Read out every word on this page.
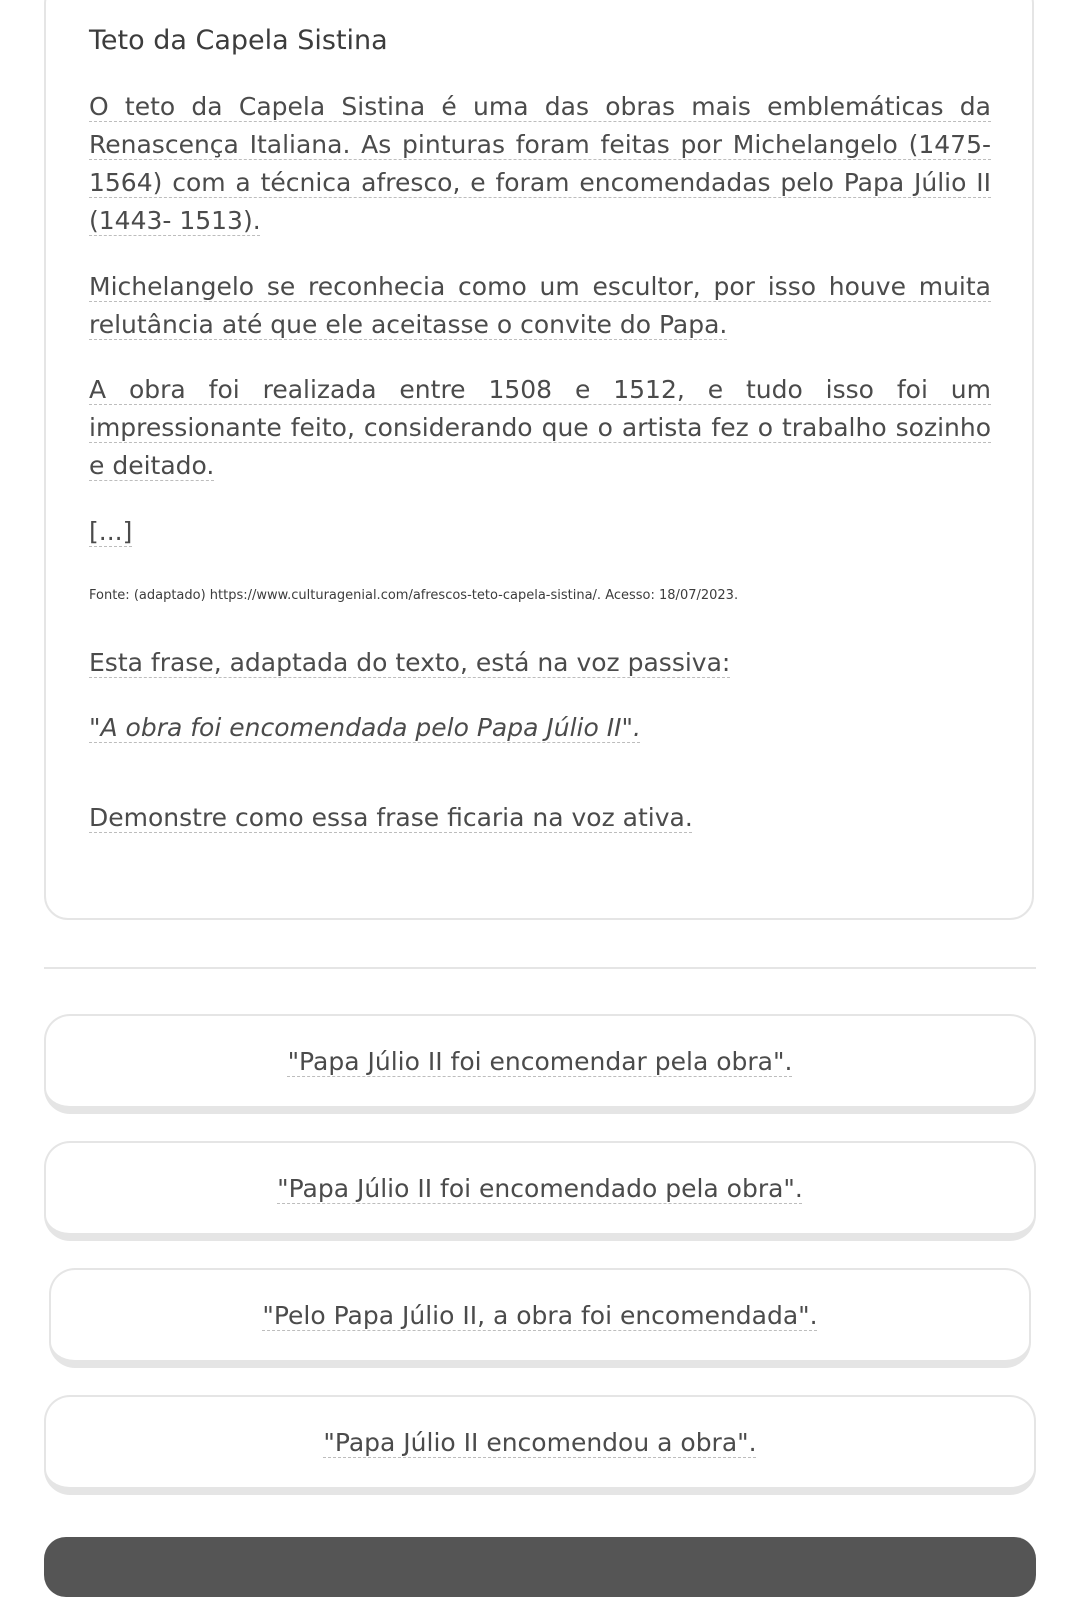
Teto da Capela Sistina
O teto da Capela Sistina é uma das obras mais emblemáticas da Renascença Italiana. As pinturas foram feitas por Michelangelo (1475-1564) com a técnica afresco, e foram encomendadas pelo Papa Júlio II (1443- 1513).
Michelangelo se reconhecia como um escultor, por isso houve muita relutância até que ele aceitasse o convite do Papa.
A obra foi realizada entre 1508 e 1512, e tudo isso foi um impressionante feito, considerando que o artista fez o trabalho sozinho e deitado.
[...]
Fonte: (adaptado) https://www.culturagenial.com/afrescos-teto-capela-sistina/. Acesso: 18/07/2023.
Esta frase, adaptada do texto, está na voz passiva:
"A obra foi encomendada pelo Papa Júlio II".
Demonstre como essa frase ficaria na voz ativa.
"Papa Júlio II foi encomendar pela obra".
"Papa Júlio II foi encomendado pela obra".
"Pelo Papa Júlio II, a obra foi encomendada".
"Papa Júlio II encomendou a obra".
